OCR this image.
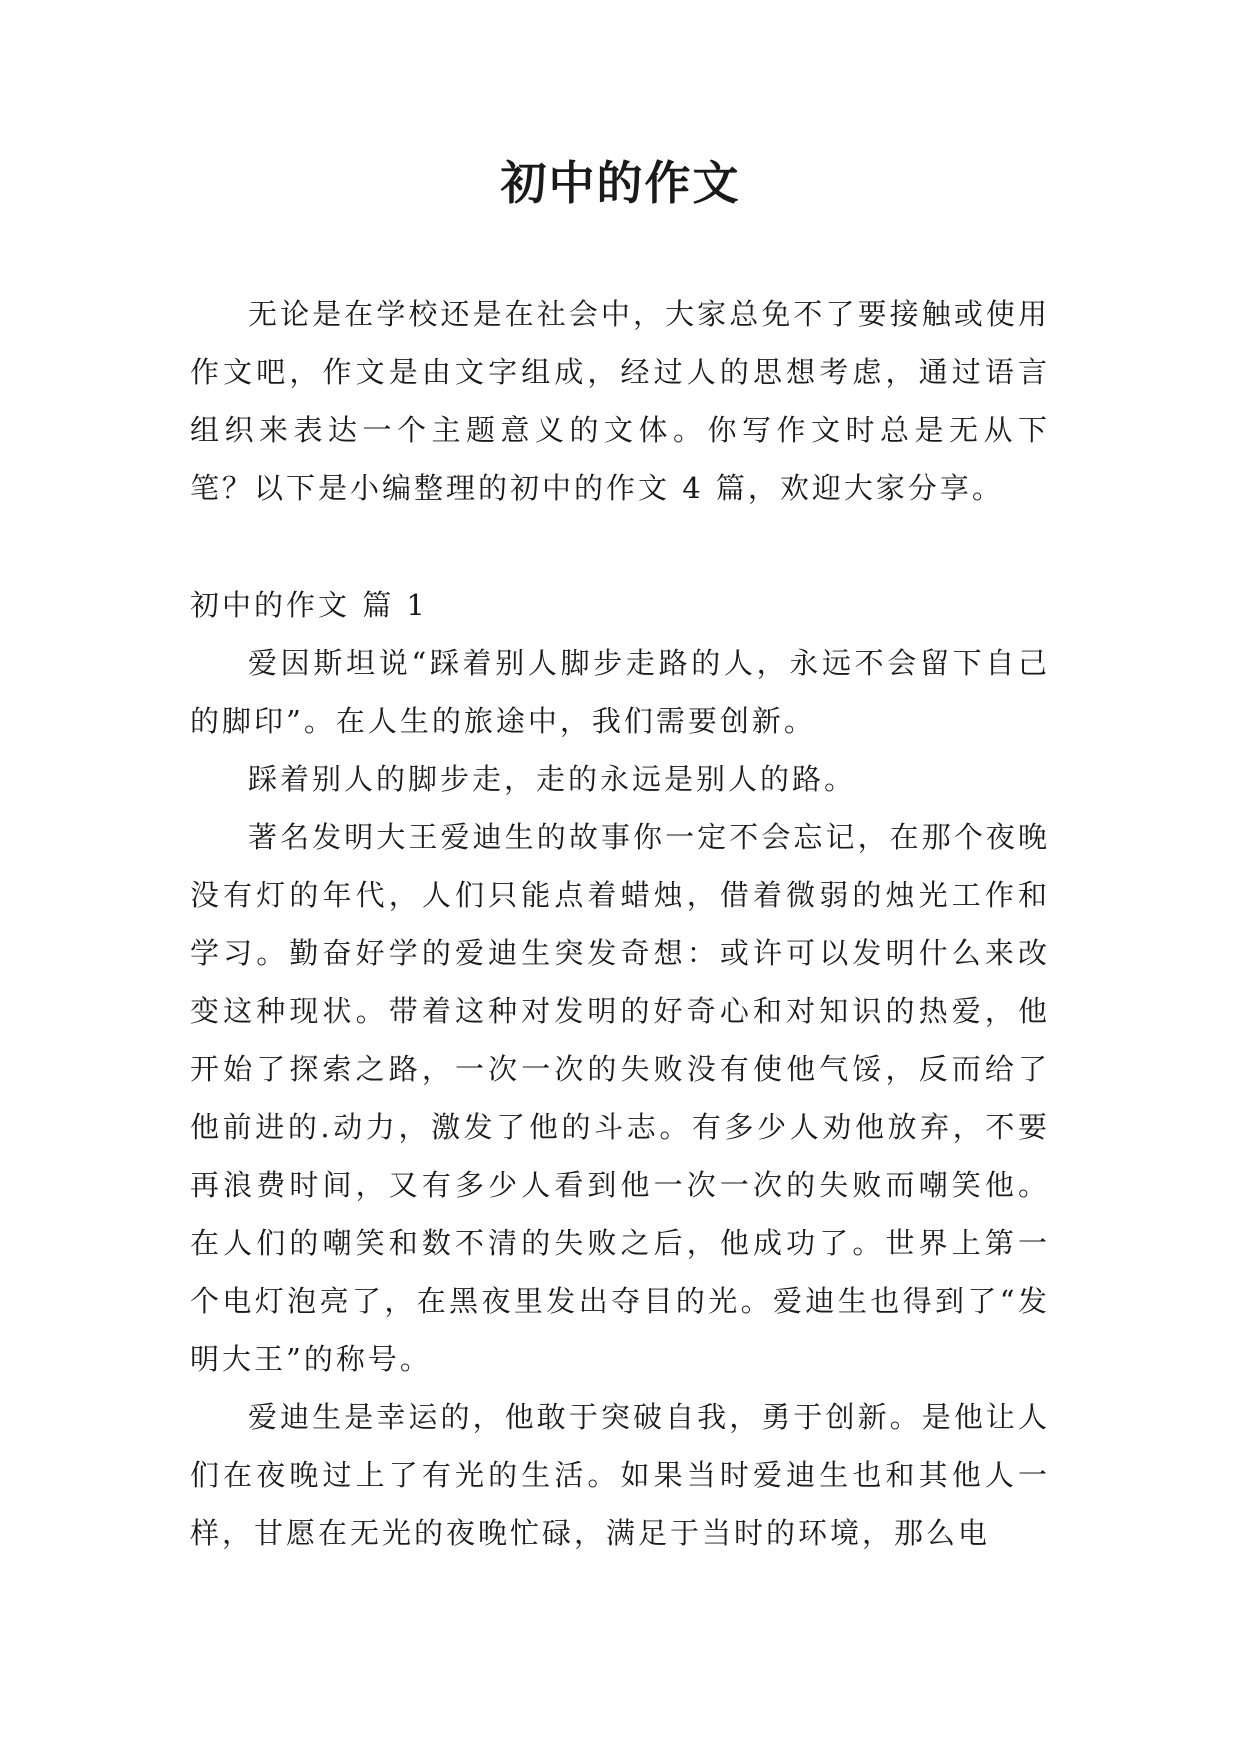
初中的作文

无论是在学校还是在社会中，大家总免不了要接触或使用作文吧，作文是由文字组成，经过人的思想考虑，通过语言组织来表达一个主题意义的文体。你写作文时总是无从下笔？以下是小编整理的初中的作文 4 篇，欢迎大家分享。

初中的作文 篇 1

爱因斯坦说“踩着别人脚步走路的人，永远不会留下自己的脚印”。在人生的旅途中，我们需要创新。

踩着别人的脚步走，走的永远是别人的路。

著名发明大王爱迪生的故事你一定不会忘记，在那个夜晚没有灯的年代，人们只能点着蜡烛，借着微弱的烛光工作和学习。勤奋好学的爱迪生突发奇想：或许可以发明什么来改变这种现状。带着这种对发明的好奇心和对知识的热爱，他开始了探索之路，一次一次的失败没有使他气馁，反而给了他前进的.动力，激发了他的斗志。有多少人劝他放弃，不要再浪费时间，又有多少人看到他一次一次的失败而嘲笑他。在人们的嘲笑和数不清的失败之后，他成功了。世界上第一个电灯泡亮了，在黑夜里发出夺目的光。爱迪生也得到了“发明大王”的称号。

爱迪生是幸运的，他敢于突破自我，勇于创新。是他让人们在夜晚过上了有光的生活。如果当时爱迪生也和其他人一样，甘愿在无光的夜晚忙碌，满足于当时的环境，那么电
